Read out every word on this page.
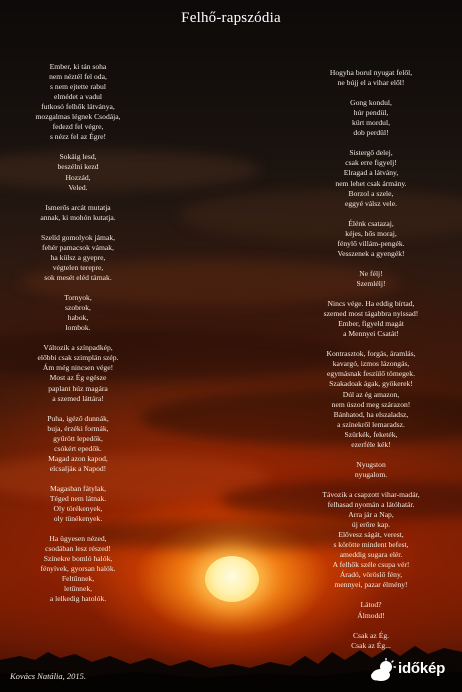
Felhő-rapszódia
Ember, ki tán soha
nem néztél fel oda,
s nem ejtette rabul
elmédet a vadul
futkosó felhők látványa,
mozgalmas légnek Csodája,
fedezd fel végre,
s nézz fel az Égre!
Sokáig lesd,
beszélni kezd
Hozzád,
Veled.
Ismerős arcát mutatja
annak, ki mohón kutatja.
Szelíd gomolyok jámak,
fehér pamacsok vámak,
ha külsz a gyepre,
végtelen terepre,
sok mesét eléd tárnak.
Tornyok,
szobrok,
habok,
lombok.
Változik a színpadkép,
előbbi csak szimplán szép.
Ám még nincsen vége!
Most az Ég egésze
paplant húz magára
a szemed láttára!
Puha, igéző dunnák,
buja, érzéki formák,
gyűrött lepedők,
csókért epedők.
Magad azon kapod,
elcsaljáк a Napod!
Magasban fátylak,
Téged nem látnak.
Oly törékenyek,
oly tünékenyek.
Ha ügyesen nézed,
csodában lesz részed!
Színekre bomló halók,
fényívek, gyorsan halók.
Feltűnnek,
letűnnek,
a lelkedig hatolók.
Hogyha borul nyugat felől,
ne bújj el a vihar elől!
Gong kondul,
húr pendül,
kürt mordul,
dob perdül!
Sistergő delej,
csak erre figyelj!
Elragad a látvány,
nem lehet csak ármány.
Borzol a szele,
eggyé válsz vele.
Élénk csatazaj,
kéjes, hős moraj,
fénylő villám-pengék.
Vesszenek a gyengék!
Ne félj!
Szemlélj!
Nincs vége. Ha eddig bírtad,
szemed most tágabbra nyissad!
Ember, figyeld magát
a Mennyei Csatát!
Kontrasztok, forgás, áramlás,
kavargó, izmos lázongás,
egymásnak feszülő tömegek.
Szakadoak ágak, gyökerek!
Dúl az ég amazon,
nem úszod meg szárazon!
Bánhatod, ha elszaladsz,
a színekről lemaradsz.
Szürkék, feketék,
ezerféle kék!
Nyugston
nyugalom.
Távozik a csapzott vihar-madár,
felhasad nyomán a látóhatár.
Arra jár a Nap,
új erőre kap.
Elővesz ságát, verest,
s körötte mindent befest,
ameddig sugara elér.
A felhők széle csupa vér!
Áradó, vöröslő fény,
mennyei, pazar élmény!
Látod?
Álmodd!
Csak az Ég.
Csak az Ég...
Kovács Natália, 2015.	időkép
